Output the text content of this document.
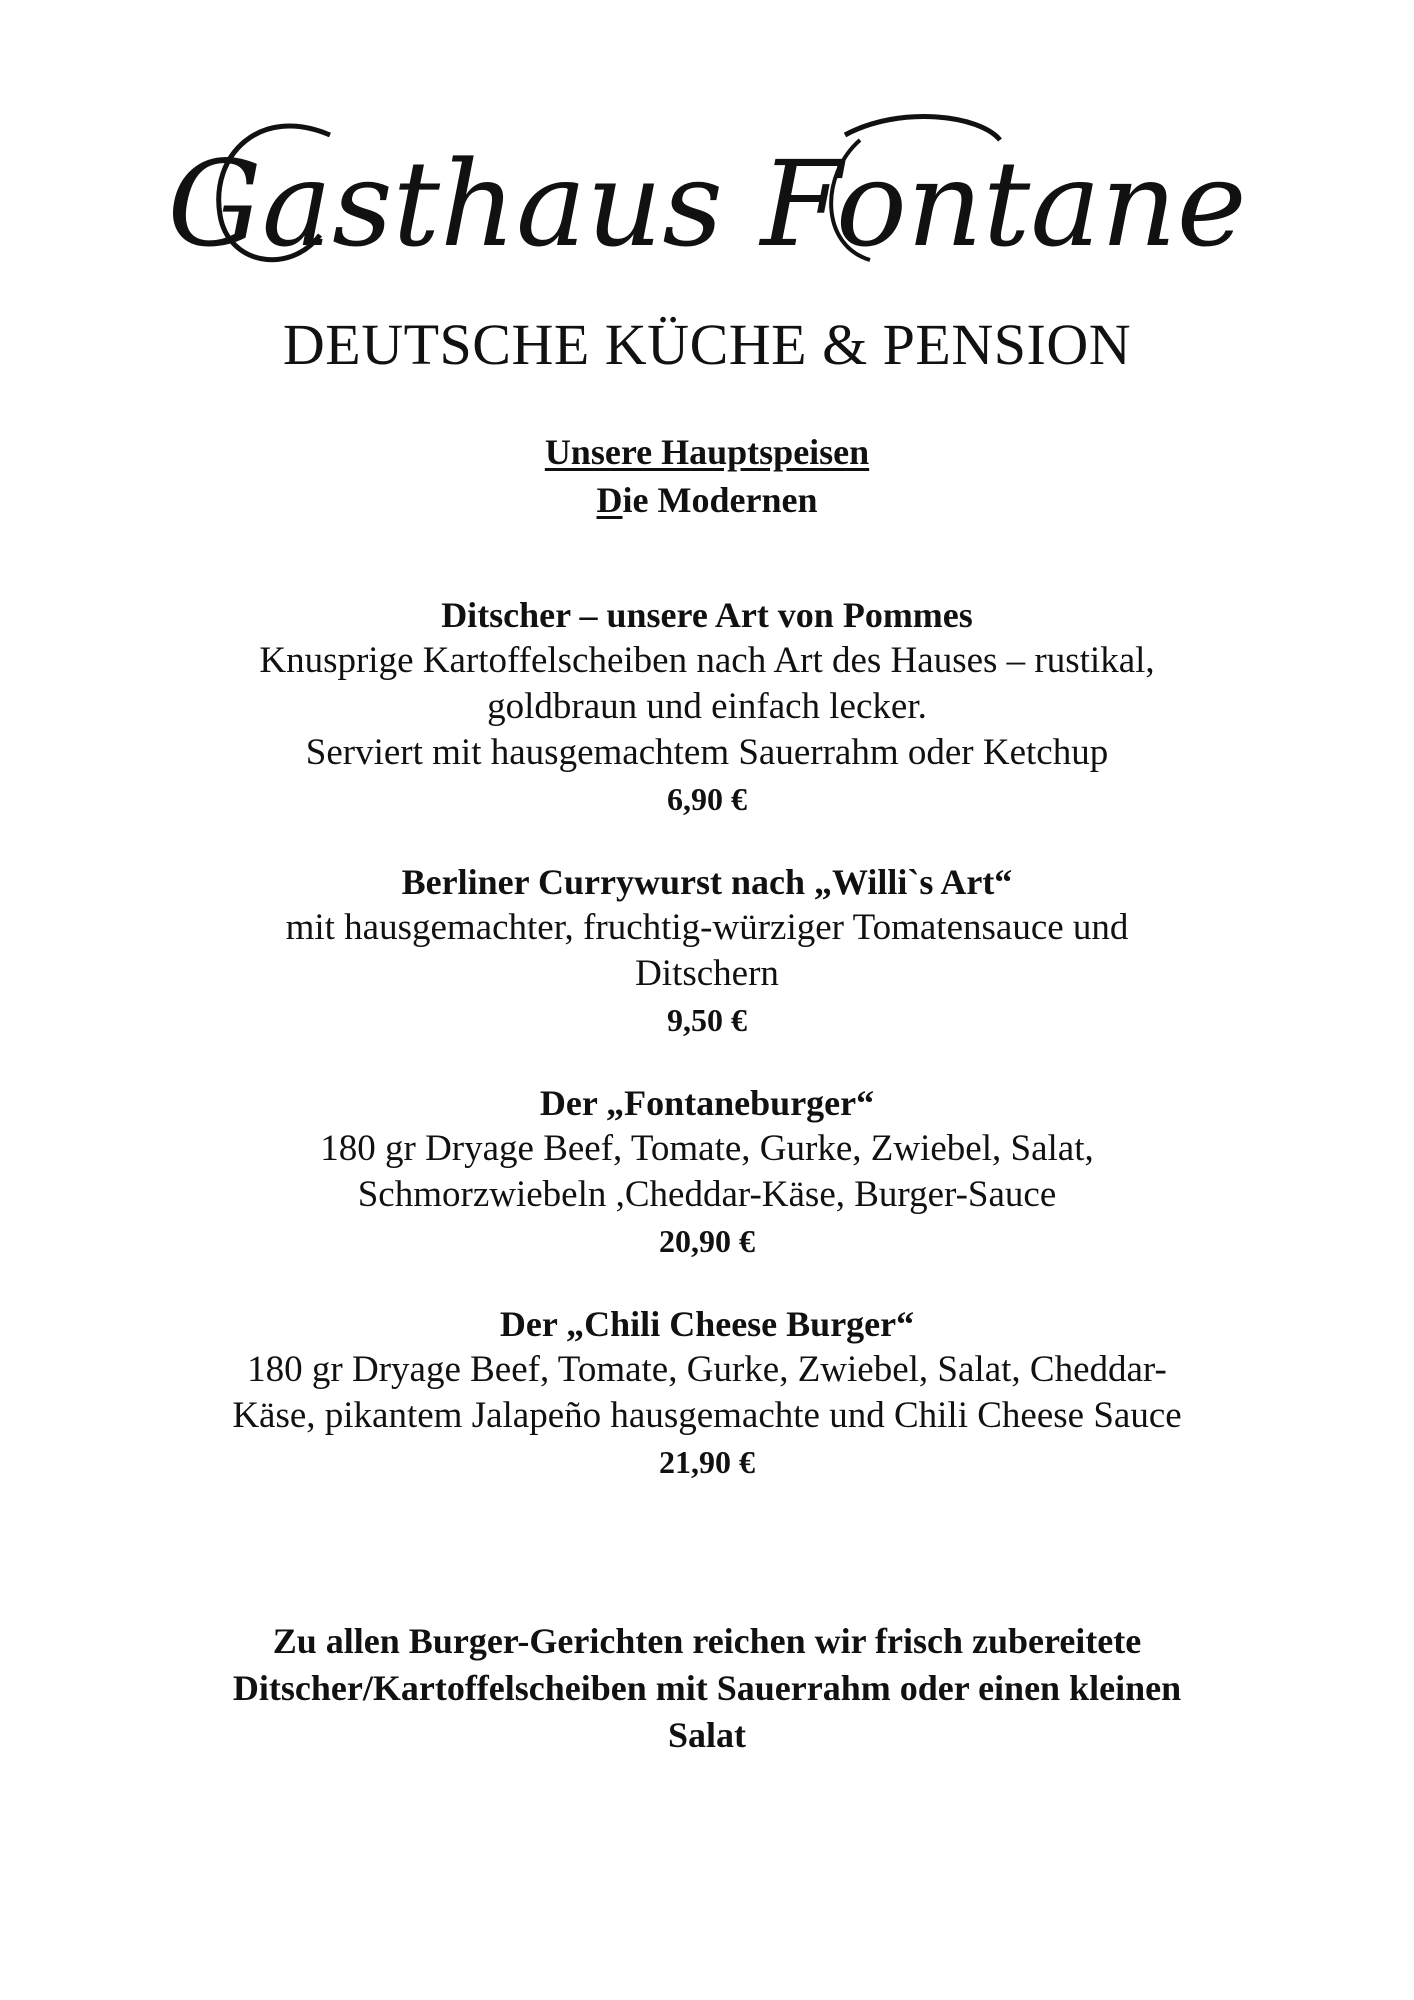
Gasthaus Fontane
DEUTSCHE KÜCHE & PENSION
Unsere Hauptspeisen
Die Modernen
Ditscher – unsere Art von Pommes
Knusprige Kartoffelscheiben nach Art des Hauses – rustikal,
goldbraun und einfach lecker.
Serviert mit hausgemachtem Sauerrahm oder Ketchup
6,90 €
Berliner Currywurst nach „Willi`s Art“
mit hausgemachter, fruchtig-würziger Tomatensauce und
Ditschern
9,50 €
Der „Fontaneburger“
180 gr Dryage Beef, Tomate, Gurke, Zwiebel, Salat,
Schmorzwiebeln ,Cheddar-Käse, Burger-Sauce
20,90 €
Der „Chili Cheese Burger“
180 gr Dryage Beef, Tomate, Gurke, Zwiebel, Salat, Cheddar-
Käse, pikantem Jalapeño hausgemachte und Chili Cheese Sauce
21,90 €
Zu allen Burger-Gerichten reichen wir frisch zubereitete
Ditscher/Kartoffelscheiben mit Sauerrahm oder einen kleinen
Salat
